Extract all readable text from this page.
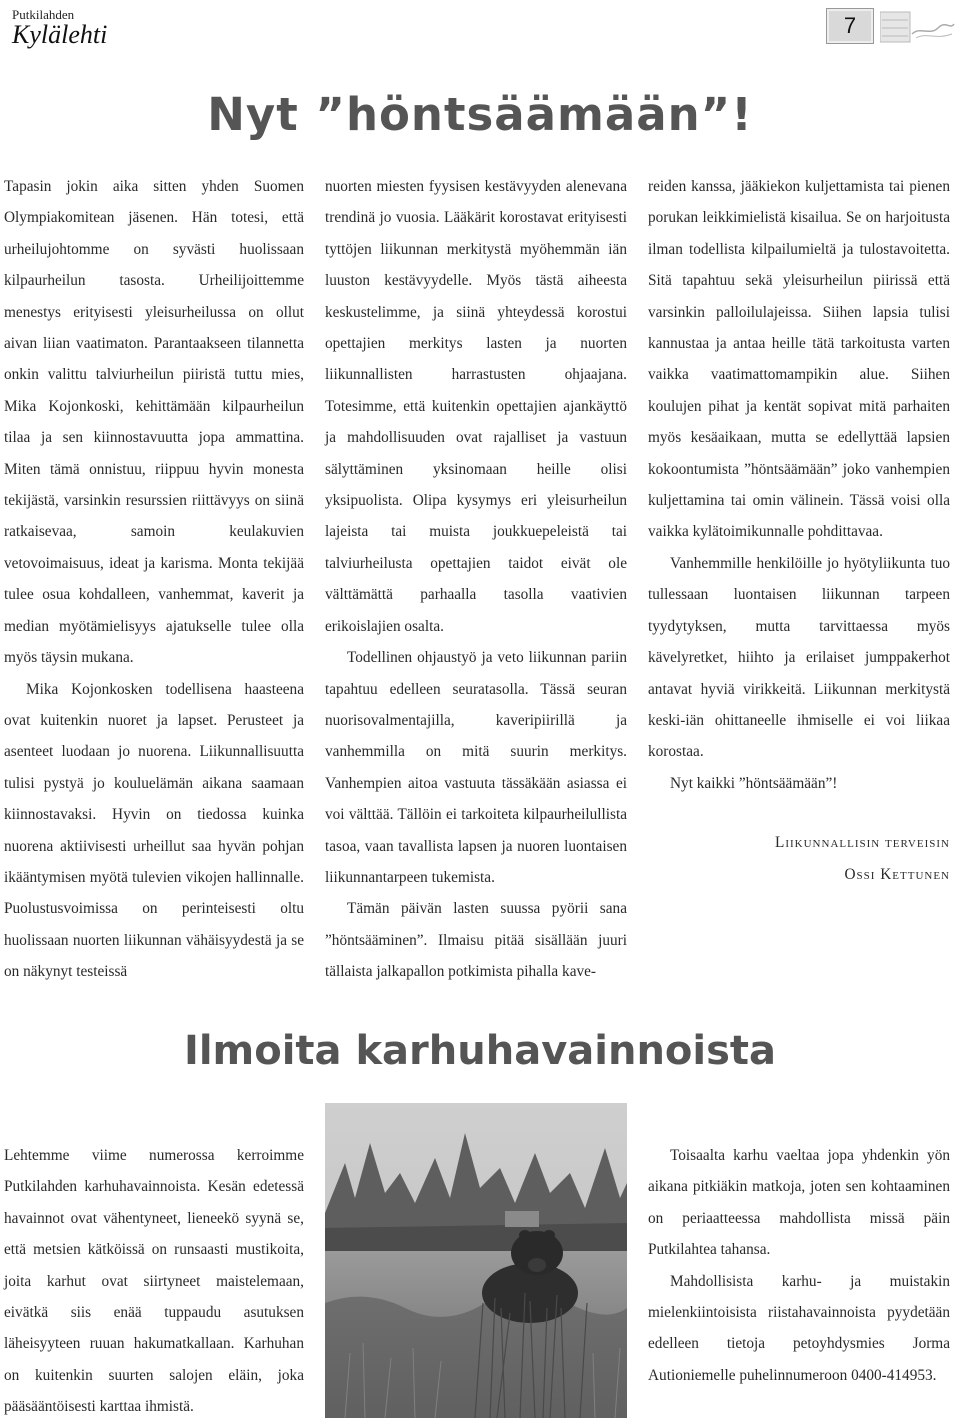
Putkilahden
Kylälehti	7
Nyt ”höntsäämään”!

Tapasin jokin aika sitten yhden Suomen Olympiakomitean jäsenen. Hän totesi, että urheilujohtomme on syvästi huolissaan kilpaurheilun tasosta. Urheilijoittemme menestys erityisesti yleisurheilussa on ollut aivan liian vaatimaton. Parantaakseen tilannetta onkin valittu talviurheilun piiristä tuttu mies, Mika Kojonkoski, kehittämään kilpaurheilun tilaa ja sen kiinnostavuutta jopa ammattina. Miten tämä onnistuu, riippuu hyvin monesta tekijästä, varsinkin resurssien riittävyys on siinä ratkaisevaa, samoin keulakuvien vetovoimaisuus, ideat ja karisma. Monta tekijää tulee osua kohdalleen, vanhemmat, kaverit ja median myötämielisyys ajatukselle tulee olla myös täysin mukana.

Mika Kojonkosken todellisena haasteena ovat kuitenkin nuoret ja lapset. Perusteet ja asenteet luodaan jo nuorena. Liikunnallisuutta tulisi pystyä jo kouluelämän aikana saamaan kiinnostavaksi. Hyvin on tiedossa kuinka nuorena aktiivisesti urheillut saa hyvän pohjan ikääntymisen myötä tulevien vikojen hallinnalle. Puolustusvoimissa on perinteisesti oltu huolissaan nuorten liikunnan vähäisyydestä ja se on näkynyt testeissä

nuorten miesten fyysisen kestävyyden alenevana trendinä jo vuosia. Lääkärit korostavat erityisesti tyttöjen liikunnan merkitystä myöhemmän iän luuston kestävyydelle. Myös tästä aiheesta keskustelimme, ja siinä yhteydessä korostui opettajien merkitys lasten ja nuorten liikunnallisten harrastusten ohjaajana. Totesimme, että kuitenkin opettajien ajankäyttö ja mahdollisuuden ovat rajalliset ja vastuun sälyttäminen yksinomaan heille olisi yksipuolista. Olipa kysymys eri yleisurheilun lajeista tai muista joukkuepeleistä tai talviurheilusta opettajien taidot eivät ole välttämättä parhaalla tasolla vaativien erikoislajien osalta.

Todellinen ohjaustyö ja veto liikunnan pariin tapahtuu edelleen seuratasolla. Tässä seuran nuorisovalmentajilla, kaveripiirillä ja vanhemmilla on mitä suurin merkitys. Vanhempien aitoa vastuuta tässäkään asiassa ei voi välttää. Tällöin ei tarkoiteta kilpaurheilullista tasoa, vaan tavallista lapsen ja nuoren luontaisen liikunnantarpeen tukemista.

Tämän päivän lasten suussa pyörii sana ”höntsääminen”. Ilmaisu pitää sisällään juuri tällaista jalkapallon potkimista pihalla kave-

reiden kanssa, jääkiekon kuljettamista tai pienen porukan leikkimielistä kisailua. Se on harjoitusta ilman todellista kilpailumieltä ja tulostavoitetta. Sitä tapahtuu sekä yleisurheilun piirissä että varsinkin palloilulajeissa. Siihen lapsia tulisi kannustaa ja antaa heille tätä tarkoitusta varten vaikka vaatimattomampikin alue. Siihen koulujen pihat ja kentät sopivat mitä parhaiten myös kesäaikaan, mutta se edellyttää lapsien kokoontumista ”höntsäämään” joko vanhempien kuljettamina tai omin välinein. Tässä voisi olla vaikka kylätoimikunnalle pohdittavaa.

Vanhemmille henkilöille jo hyötyliikunta tuo tullessaan luontaisen liikunnan tarpeen tyydytyksen, mutta tarvittaessa myös kävelyretket, hiihto ja erilaiset jumppakerhot antavat hyviä virikkeitä. Liikunnan merkitystä keski-iän ohittaneelle ihmiselle ei voi liikaa korostaa.

Nyt kaikki ”höntsäämään”!

Liikunnallisin terveisin
Ossi Kettunen
Ilmoita karhuhavainnoista

Lehtemme viime numerossa kerroimme Putkilahden karhuhavainnoista. Kesän edetessä havainnot ovat vähentyneet, lieneekö syynä se, että metsien kätköissä on runsaasti mustikoita, joita karhut ovat siirtyneet maistelemaan, eivätkä siis enää tuppaudu asutuksen läheisyyteen ruuan hakumatkallaan. Karhuhan on kuitenkin suurten salojen eläin, joka pääsääntöisesti karttaa ihmistä.

Toisaalta karhu vaeltaa jopa yhdenkin yön aikana pitkiäkin matkoja, joten sen kohtaaminen on periaatteessa mahdollista missä päin Putkilahtea tahansa.

Mahdollisista karhu- ja muistakin mielenkiintoisista riistahavainnoista pyydetään edelleen tietoja petoyhdysmies Jorma Autioniemelle puhelinnumeroon 0400-414953.
